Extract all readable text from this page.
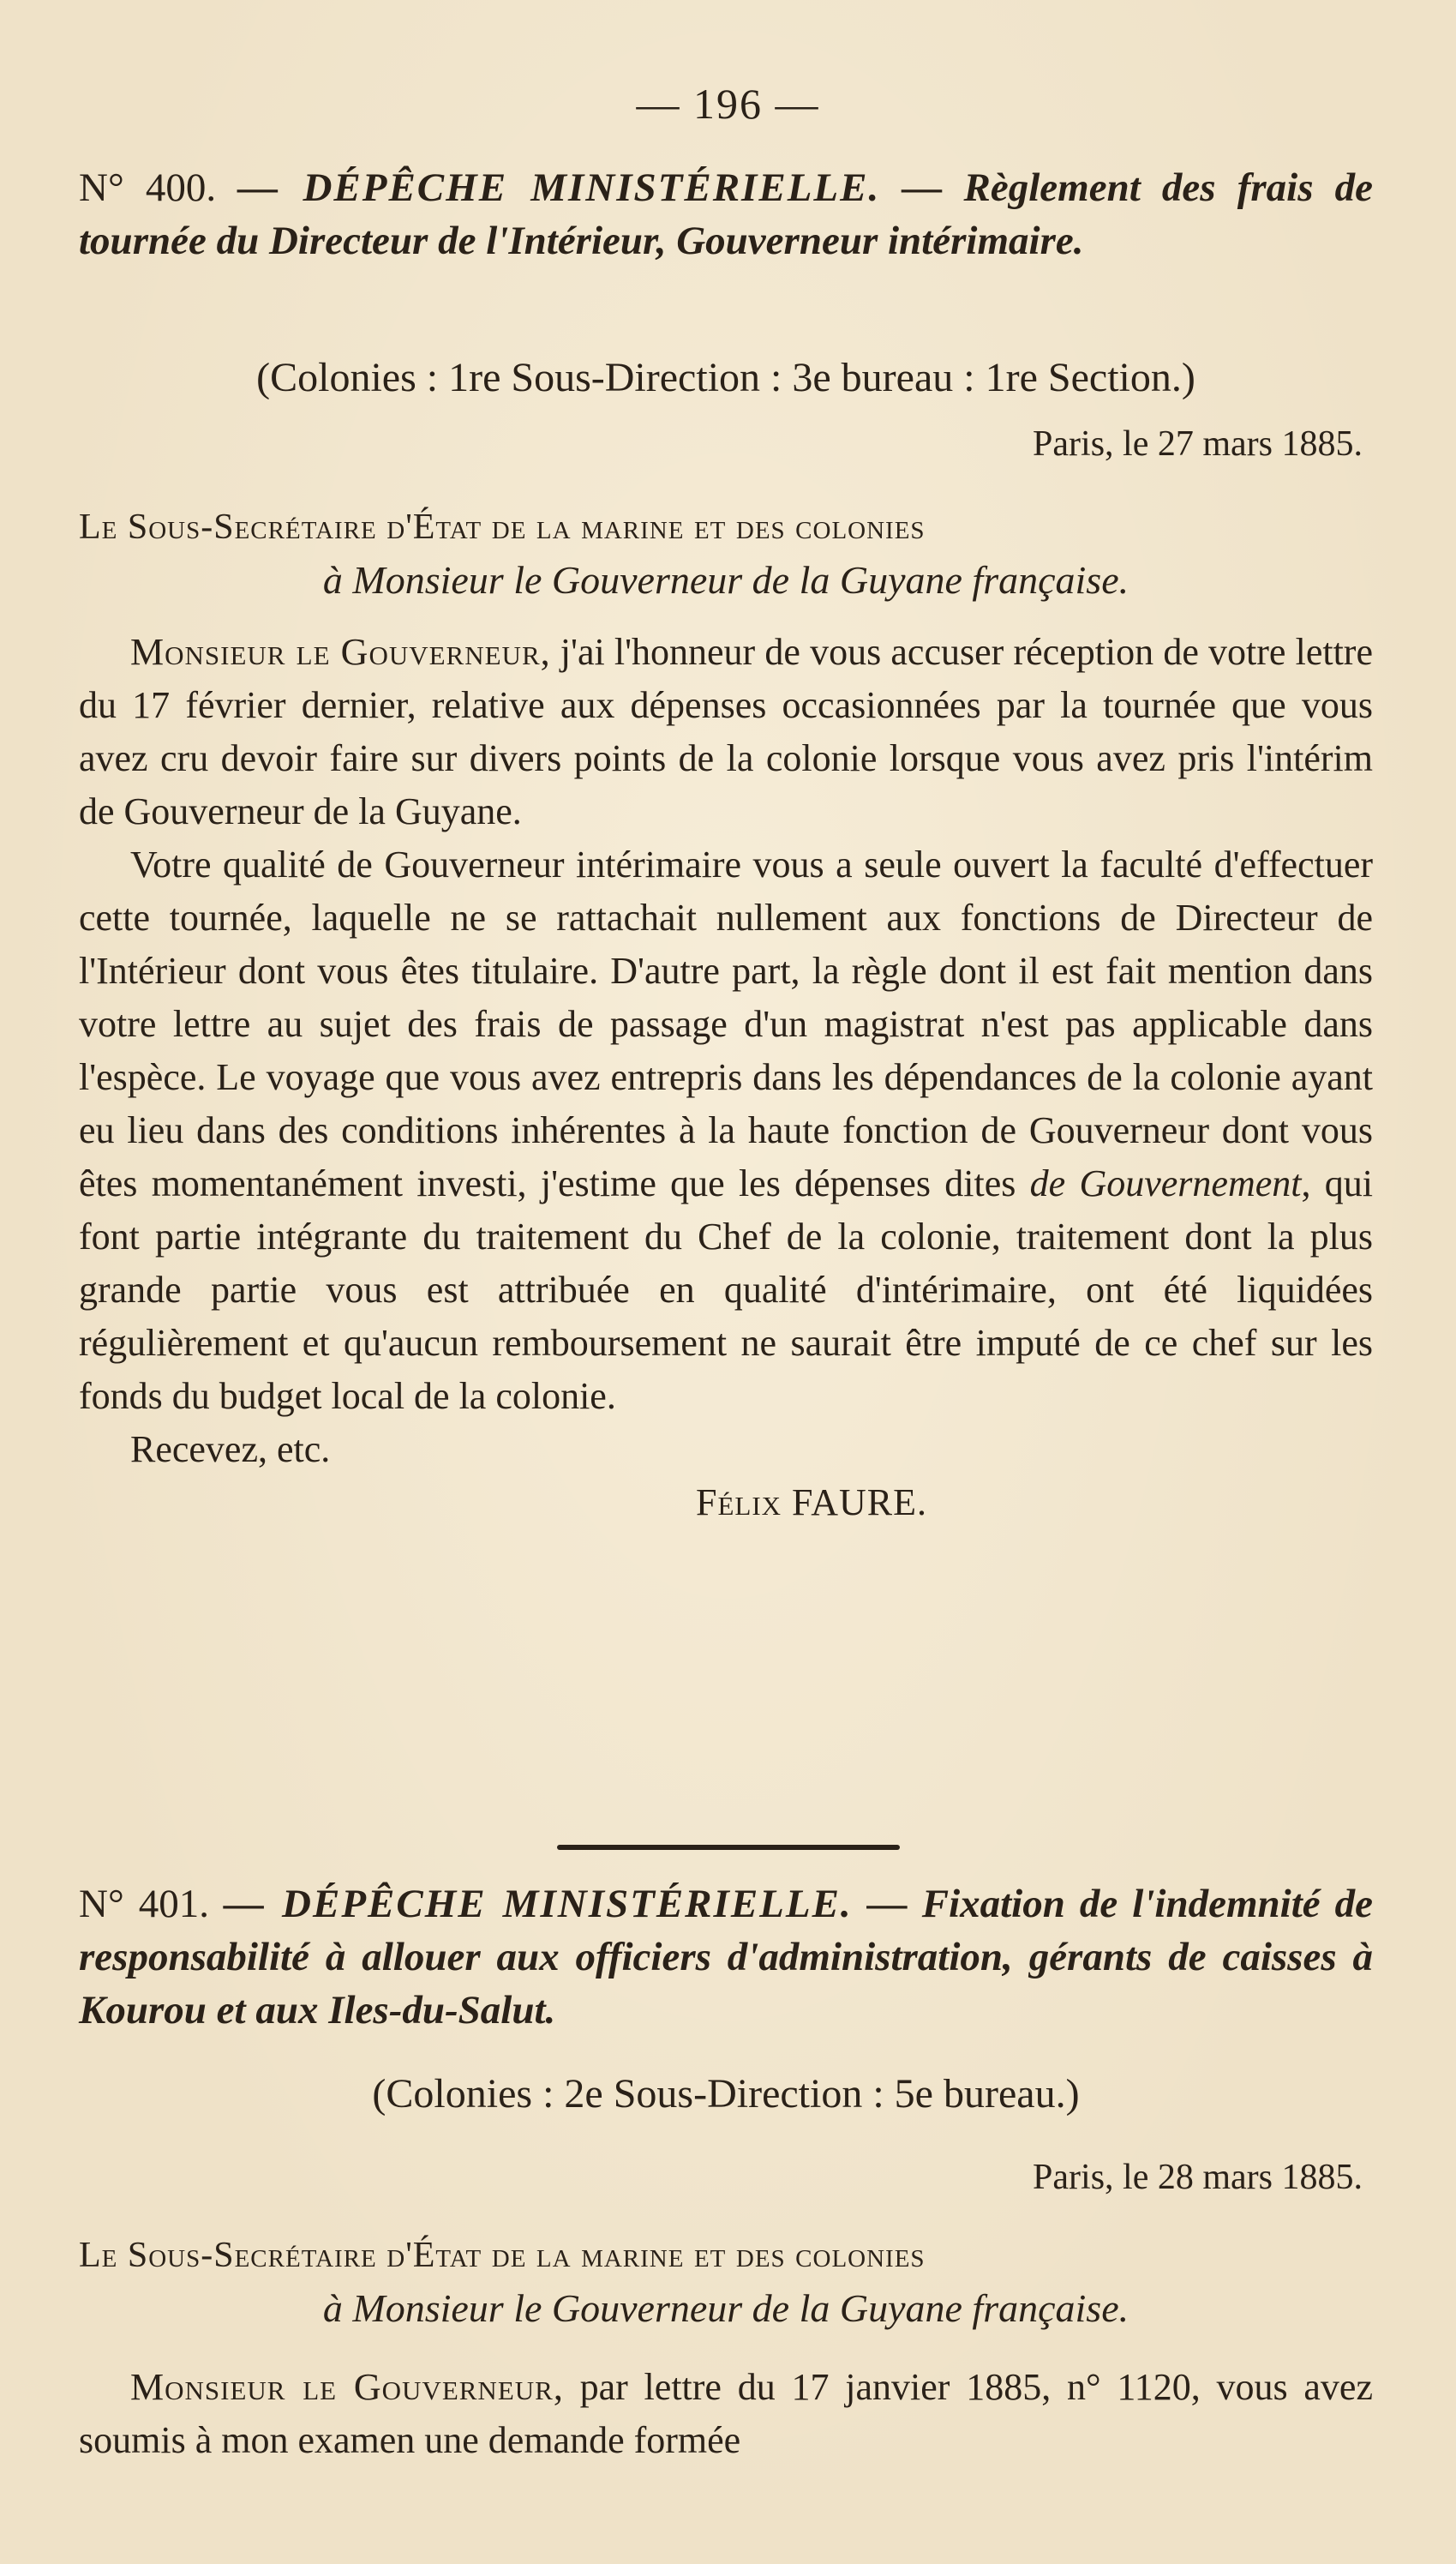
— 196 —

N° 400. — DÉPÊCHE MINISTÉRIELLE. — Règlement des frais de tournée du Directeur de l'Intérieur, Gouverneur intérimaire.

(Colonies : 1re Sous-Direction : 3e bureau : 1re Section.)

Paris, le 27 mars 1885.

Le Sous-Secrétaire d'État de la marine et des colonies
à Monsieur le Gouverneur de la Guyane française.

Monsieur le Gouverneur, j'ai l'honneur de vous accuser réception de votre lettre du 17 février dernier, relative aux dépenses occasionnées par la tournée que vous avez cru devoir faire sur divers points de la colonie lorsque vous avez pris l'intérim de Gouverneur de la Guyane.

Votre qualité de Gouverneur intérimaire vous a seule ouvert la faculté d'effectuer cette tournée, laquelle ne se rattachait nullement aux fonctions de Directeur de l'Intérieur dont vous êtes titulaire. D'autre part, la règle dont il est fait mention dans votre lettre au sujet des frais de passage d'un magistrat n'est pas applicable dans l'espèce. Le voyage que vous avez entrepris dans les dépendances de la colonie ayant eu lieu dans des conditions inhérentes à la haute fonction de Gouverneur dont vous êtes momentanément investi, j'estime que les dépenses dites de Gouvernement, qui font partie intégrante du traitement du Chef de la colonie, traitement dont la plus grande partie vous est attribuée en qualité d'intérimaire, ont été liquidées régulièrement et qu'aucun remboursement ne saurait être imputé de ce chef sur les fonds du budget local de la colonie.

Recevez, etc.

Félix FAURE.

N° 401. — DÉPÊCHE MINISTÉRIELLE. — Fixation de l'indemnité de responsabilité à allouer aux officiers d'administration, gérants de caisses à Kourou et aux Iles-du-Salut.

(Colonies : 2e Sous-Direction : 5e bureau.)

Paris, le 28 mars 1885.

Le Sous-Secrétaire d'État de la marine et des colonies
à Monsieur le Gouverneur de la Guyane française.

Monsieur le Gouverneur, par lettre du 17 janvier 1885, n° 1120, vous avez soumis à mon examen une demande formée
